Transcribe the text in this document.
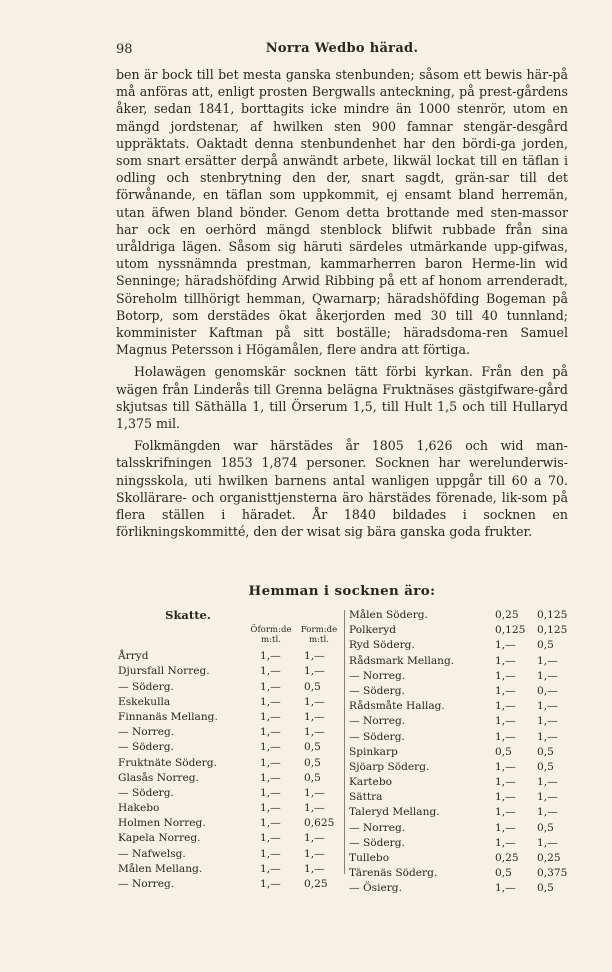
98	Norra Wedbo härad.

ben är bock till bet mesta ganska stenbunden; såsom ett bewis här-på må anföras att, enligt prosten Bergwalls anteckning, på prest-gårdens åker, sedan 1841, borttagits icke mindre än 1000 stenrör, utom en mängd jordstenar, af hwilken sten 900 famnar stengär-desgård uppräktats. Oaktadt denna stenbundenhet har den bördi-ga jorden, som snart ersätter derpå anwändt arbete, likwäl lockat till en täflan i odling och stenbrytning den der, snart sagdt, grän-sar till det förwånande, en täflan som uppkommit, ej ensamt bland herremän, utan äfwen bland bönder. Genom detta brottande med sten-massor har ock en oerhörd mängd stenblock blifwit rubbade från sina uråldriga lägen. Såsom sig häruti särdeles utmärkande upp-gifwas, utom nyssnämnda prestman, kammarherren baron Herme-lin wid Senninge; häradshöfding Arwid Ribbing på ett af honom arrenderadt, Söreholm tillhörigt hemman, Qwarnarp; häradshöfding Bogeman på Botorp, som derstädes ökat åkerjorden med 30 till 40 tunnland; komminister Kaftman på sitt boställe; häradsdoma-ren Samuel Magnus Petersson i Högamålen, flere andra att förtiga.

Holawägen genomskär socknen tätt förbi kyrkan. Från den på wägen från Linderås till Grenna belägna Fruktnäses gästgifware-gård skjutsas till Säthälla 1, till Örserum 1,5, till Hult 1,5 och till Hullaryd 1,375 mil.

Folkmängden war härstädes år 1805 1,626 och wid man-talsskrifningen 1853 1,874 personer. Socknen har werelunderwis-ningsskola, uti hwilken barnens antal wanligen uppgår till 60 a 70. Skollärare- och organisttjensterna äro härstädes förenade, lik-som på flera ställen i häradet. År 1840 bildades i socknen en förlikningskommitté, den der wisat sig bära ganska goda frukter.

Hemman i socknen äro:
Skatte.
Öform:de m:tl.
Form:de m:tl.
Årryd	1,—	1,—
Djursfall Norreg.	1,—	1,—
— Söderg.	1,—	0,5
Eskekulla	1,—	1,—
Finnanäs Mellang.	1,—	1,—
— Norreg.	1,—	1,—
— Söderg.	1,—	0,5
Fruktnäte Söderg.	1,—	0,5
Glasås Norreg.	1,—	0,5
— Söderg.	1,—	1,—
Hakebo	1,—	1,—
Holmen Norreg.	1,—	0,625
Kapela Norreg.	1,—	1,—
— Nafwelsg.	1,—	1,—
Målen Mellang.	1,—	1,—
— Norreg.	1,—	0,25
Målen Söderg.	0,25	0,125
Polkeryd	0,125	0,125
Ryd Söderg.	1,—	0,5
Rådsmark Mellang.	1,—	1,—
— Norreg.	1,—	1,—
— Söderg.	1,—	0,—
Rådsmåte Hallag.	1,—	1,—
— Norreg.	1,—	1,—
— Söderg.	1,—	1,—
Spinkarp	0,5	0,5
Sjöarp Söderg.	1,—	0,5
Kartebo	1,—	1,—
Sättra	1,—	1,—
Taleryd Mellang.	1,—	1,—
— Norreg.	1,—	0,5
— Söderg.	1,—	1,—
Tullebo	0,25	0,25
Tärenäs Söderg.	0,5	0,375
— Ösierg.	1,—	0,5
